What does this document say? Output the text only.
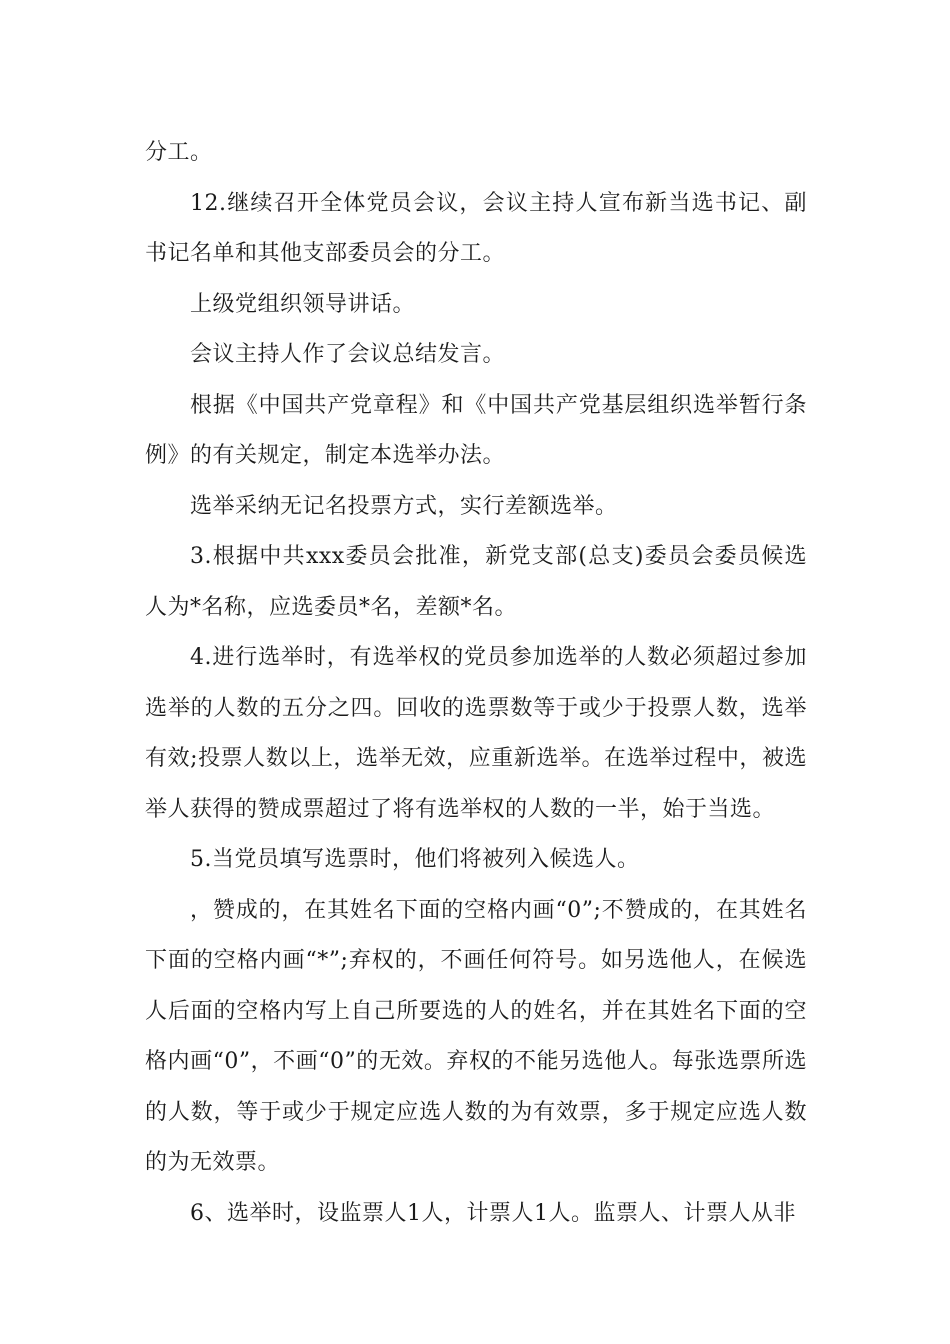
分工。

12.继续召开全体党员会议，会议主持人宣布新当选书记、副书记名单和其他支部委员会的分工。

上级党组织领导讲话。

会议主持人作了会议总结发言。

根据《中国共产党章程》和《中国共产党基层组织选举暂行条例》的有关规定，制定本选举办法。

选举采纳无记名投票方式，实行差额选举。

3.根据中共xxx委员会批准，新党支部(总支)委员会委员候选人为*名称，应选委员*名，差额*名。

4.进行选举时，有选举权的党员参加选举的人数必须超过参加选举的人数的五分之四。回收的选票数等于或少于投票人数，选举有效;投票人数以上，选举无效，应重新选举。在选举过程中，被选举人获得的赞成票超过了将有选举权的人数的一半，始于当选。

5.当党员填写选票时，他们将被列入候选人。

，赞成的，在其姓名下面的空格内画“0”;不赞成的，在其姓名下面的空格内画“*”;弃权的，不画任何符号。如另选他人，在候选人后面的空格内写上自己所要选的人的姓名，并在其姓名下面的空格内画“0”，不画“0”的无效。弃权的不能另选他人。每张选票所选的人数，等于或少于规定应选人数的为有效票，多于规定应选人数的为无效票。

6、选举时，设监票人1人，计票人1人。监票人、计票人从非
